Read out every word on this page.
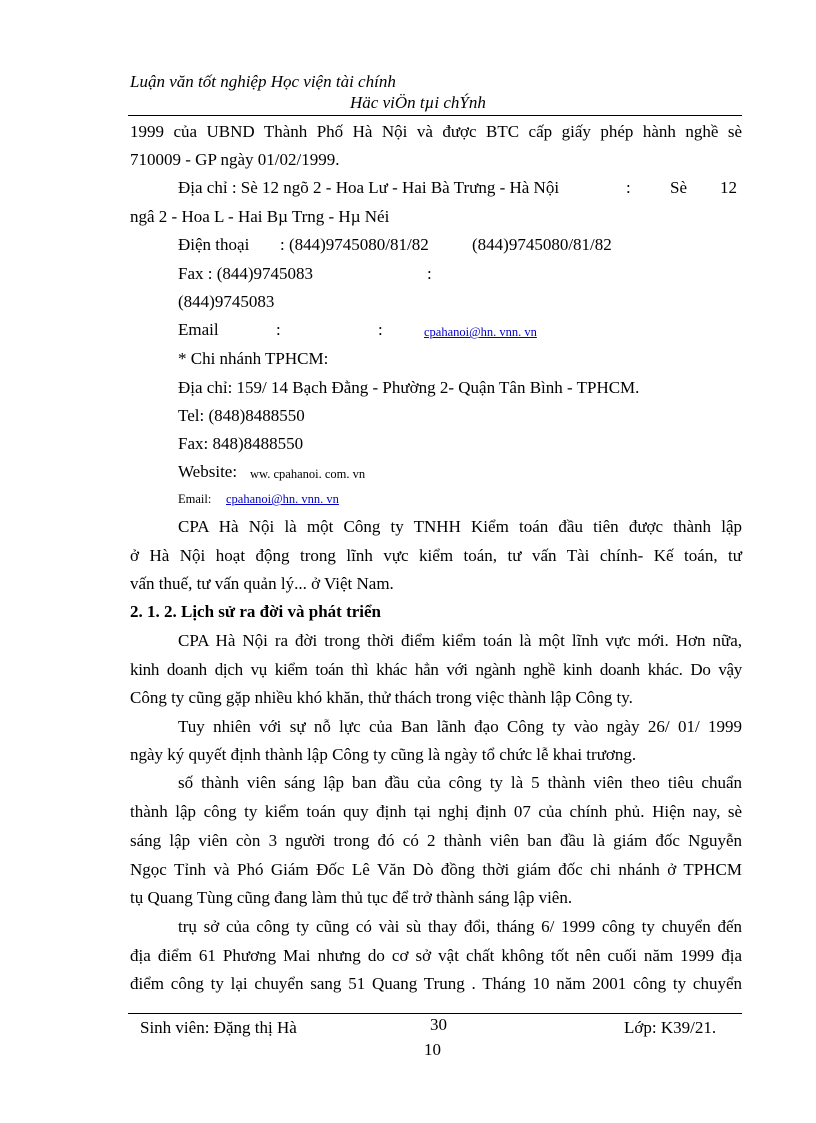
Luận văn tốt nghiệp Học viện tài chính
Häc viÖn tµi chÝnh
1999 của UBND Thành Phố Hà Nội và được BTC cấp giấy phép hành nghề sè
710009 - GP ngày 01/02/1999.
Địa chỉ : Sè 12 ngõ 2 - Hoa Lư - Hai Bà Trưng - Hà Nội	: Sè 12
ngâ 2 - Hoa L - Hai Bµ Trng - Hµ Néi
Điện thoại : (844)9745080/81/82	(844)9745080/81/82
Fax : (844)9745083	:
(844)9745083
Email	:	:	cpahanoi@hn. vnn. vn
* Chi nhánh TPHCM:
Địa chỉ: 159/ 14 Bạch Đằng - Phường 2- Quận Tân Bình - TPHCM.
Tel: (848)8488550
Fax: 848)8488550
Website: ww. cpahanoi. com. vn
Email: cpahanoi@hn. vnn. vn
CPA Hà Nội là một Công ty TNHH Kiểm toán đầu tiên được thành lập
ở Hà Nội hoạt động trong lĩnh vực kiểm toán, tư vấn Tài chính- Kế toán, tư
vấn thuế, tư vấn quản lý... ở Việt Nam.
2. 1. 2. Lịch sử ra đời và phát triển
CPA Hà Nội ra đời trong thời điểm kiểm toán là một lĩnh vực mới. Hơn nữa,
kinh doanh dịch vụ kiểm toán thì khác hẳn với ngành nghề kinh doanh khác. Do vậy
Công ty cũng gặp nhiều khó khăn, thử thách trong việc thành lập Công ty.
Tuy nhiên với sự nỗ lực của Ban lãnh đạo Công ty vào ngày 26/ 01/ 1999
ngày ký quyết định thành lập Công ty cũng là ngày tổ chức lễ khai trương.
số thành viên sáng lập ban đầu của công ty là 5 thành viên theo tiêu chuẩn
thành lập công ty kiểm toán quy định tại nghị định 07 của chính phủ. Hiện nay, sè
sáng lập viên còn 3 người trong đó có 2 thành viên ban đầu là giám đốc Nguyễn
Ngọc Tỉnh và Phó Giám Đốc Lê Văn Dò đồng thời giám đốc chi nhánh ở TPHCM
tụ Quang Tùng cũng đang làm thủ tục để trở thành sáng lập viên.
trụ sở của công ty cũng có vài sù thay đổi, tháng 6/ 1999 công ty chuyển đến
địa điểm 61 Phương Mai nhưng do cơ sở vật chất không tốt nên cuối năm 1999 địa
điểm công ty lại chuyển sang 51 Quang Trung . Tháng 10 năm 2001 công ty chuyển
Sinh viên: Đặng thị Hà	30
10
Lớp: K39/21.
